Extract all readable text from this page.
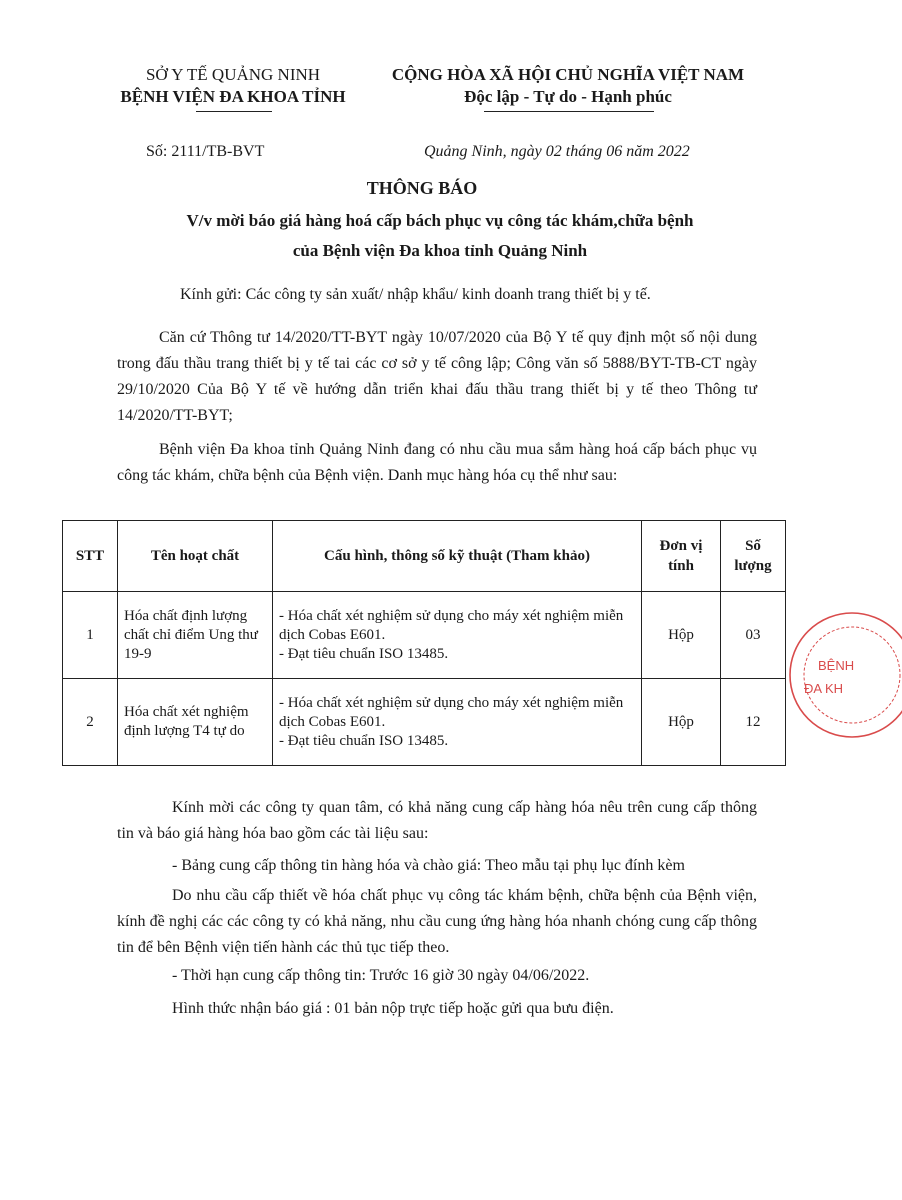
SỞ Y TẾ QUẢNG NINH
BỆNH VIỆN ĐA KHOA TỈNH
CỘNG HÒA XÃ HỘI CHỦ NGHĨA VIỆT NAM
Độc lập - Tự do - Hạnh phúc
Số: 2111/TB-BVT	Quảng Ninh, ngày 02 tháng 06 năm 2022
THÔNG BÁO
V/v mời báo giá hàng hoá cấp bách phục vụ công tác khám,chữa bệnh
của Bệnh viện Đa khoa tỉnh Quảng Ninh
Kính gửi: Các công ty sản xuất/ nhập khẩu/ kinh doanh trang thiết bị y tế.

Căn cứ Thông tư 14/2020/TT-BYT ngày 10/07/2020 của Bộ Y tế quy định một số nội dung trong đấu thầu trang thiết bị y tế tai các cơ sở y tế công lập; Công văn số 5888/BYT-TB-CT ngày 29/10/2020 Của Bộ Y tế về hướng dẫn triển khai đấu thầu trang thiết bị y tế theo Thông tư 14/2020/TT-BYT;

Bệnh viện Đa khoa tỉnh Quảng Ninh đang có nhu cầu mua sắm hàng hoá cấp bách phục vụ công tác khám, chữa bệnh của Bệnh viện. Danh mục hàng hóa cụ thể như sau:

STT	Tên hoạt chất	Cấu hình, thông số kỹ thuật (Tham khảo)	Đơn vị tính	Số lượng
1	Hóa chất định lượng chất chỉ điểm Ung thư 19-9	- Hóa chất xét nghiệm sử dụng cho máy xét nghiệm miễn dịch Cobas E601.
- Đạt tiêu chuẩn ISO 13485.	Hộp	03
2	Hóa chất xét nghiệm định lượng T4 tự do	- Hóa chất xét nghiệm sử dụng cho máy xét nghiệm miễn dịch Cobas E601.
- Đạt tiêu chuẩn ISO 13485.	Hộp	12

Kính mời các công ty quan tâm, có khả năng cung cấp hàng hóa nêu trên cung cấp thông tin và báo giá hàng hóa bao gồm các tài liệu sau:

- Bảng cung cấp thông tin hàng hóa và chào giá: Theo mẫu tại phụ lục đính kèm

Do nhu cầu cấp thiết về hóa chất phục vụ công tác khám bệnh, chữa bệnh của Bệnh viện, kính đề nghị các các công ty có khả năng, nhu cầu cung ứng hàng hóa nhanh chóng cung cấp thông tin để bên Bệnh viện tiến hành các thủ tục tiếp theo.

- Thời hạn cung cấp thông tin: Trước 16 giờ 30 ngày 04/06/2022.

Hình thức nhận báo giá : 01 bản nộp trực tiếp hoặc gửi qua bưu điện.

BỆNH
ĐA KH
